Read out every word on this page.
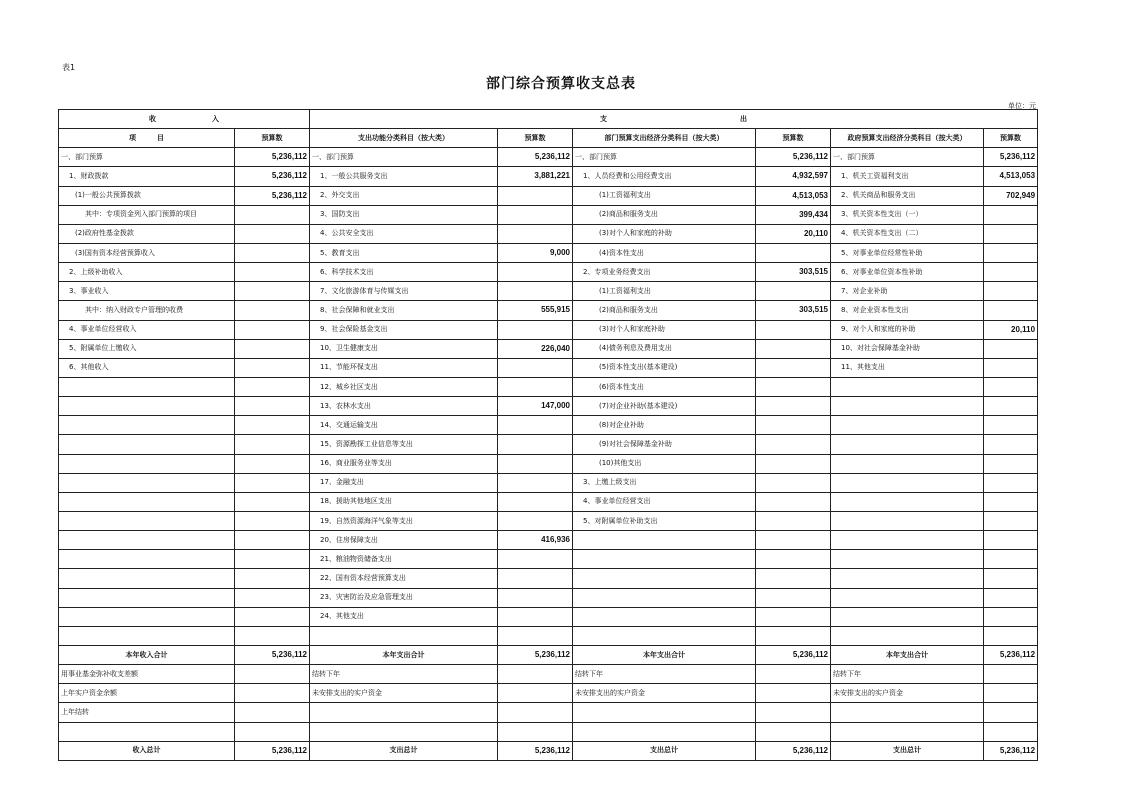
表1
部门综合预算收支总表
单位：元
收　　　　　　　　入		支　　　　　　　　　　　　　　　　　　　出					
项　　　目	预算数	支出功能分类科目（按大类）	预算数	部门预算支出经济分类科目（按大类）	预算数	政府预算支出经济分类科目（按大类）	预算数
一、部门预算	5,236,112	一、部门预算	5,236,112	一、部门预算	5,236,112	一、部门预算	5,236,112
1、财政拨款	5,236,112	1、一般公共服务支出	3,881,221	1、人员经费和公用经费支出	4,932,597	1、机关工资福利支出	4,513,053
(1)一般公共预算拨款	5,236,112	2、外交支出		(1)工资福利支出	4,513,053	2、机关商品和服务支出	702,949
其中：专项资金列入部门预算的项目		3、国防支出		(2)商品和服务支出	399,434	3、机关资本性支出（一）	
(2)政府性基金拨款		4、公共安全支出		(3)对个人和家庭的补助	20,110	4、机关资本性支出（二）	
(3)国有资本经营预算收入		5、教育支出	9,000	(4)资本性支出		5、对事业单位经常性补助	
2、上级补助收入		6、科学技术支出		2、专项业务经费支出	303,515	6、对事业单位资本性补助	
3、事业收入		7、文化旅游体育与传媒支出		(1)工资福利支出		7、对企业补助	
其中：纳入财政专户管理的收费		8、社会保障和就业支出	555,915	(2)商品和服务支出	303,515	8、对企业资本性支出	
4、事业单位经营收入		9、社会保险基金支出		(3)对个人和家庭补助		9、对个人和家庭的补助	20,110
5、附属单位上缴收入		10、卫生健康支出	226,040	(4)债务利息及费用支出		10、对社会保障基金补助	
6、其他收入		11、节能环保支出		(5)资本性支出(基本建设)		11、其他支出	
		12、城乡社区支出		(6)资本性支出			
		13、农林水支出	147,000	(7)对企业补助(基本建设)			
		14、交通运输支出		(8)对企业补助			
		15、资源勘探工业信息等支出		(9)对社会保障基金补助			
		16、商业服务业等支出		(10)其他支出			
		17、金融支出		3、上缴上级支出			
		18、援助其他地区支出		4、事业单位经营支出			
		19、自然资源海洋气象等支出		5、对附属单位补助支出			
		20、住房保障支出	416,936				
		21、粮油物资储备支出					
		22、国有资本经营预算支出					
		23、灾害防治及应急管理支出					
		24、其他支出					

本年收入合计	5,236,112	本年支出合计	5,236,112	本年支出合计	5,236,112	本年支出合计	5,236,112
用事业基金弥补收支差额		结转下年		结转下年		结转下年	
上年实户资金余额		未安排支出的实户资金		未安排支出的实户资金		未安排支出的实户资金	
上年结转							

收入总计	5,236,112	支出总计	5,236,112	支出总计	5,236,112	支出总计	5,236,112
